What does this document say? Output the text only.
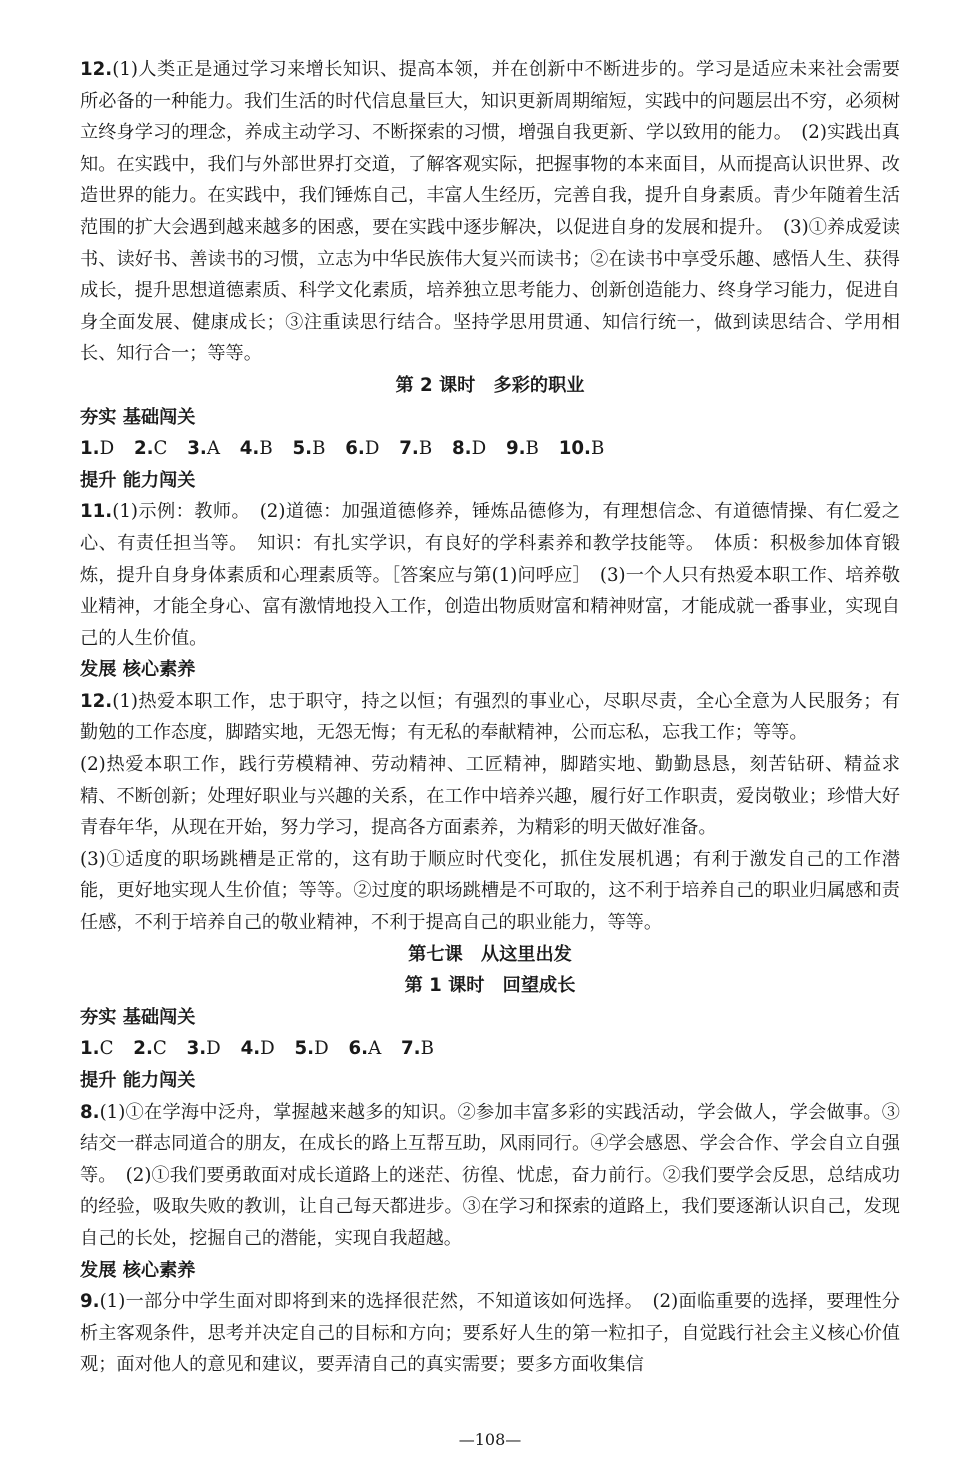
12.(1)人类正是通过学习来增长知识、提高本领，并在创新中不断进步的。学习是适应未来社会需要所必备的一种能力。我们生活的时代信息量巨大，知识更新周期缩短，实践中的问题层出不穷，必须树立终身学习的理念，养成主动学习、不断探索的习惯，增强自我更新、学以致用的能力。　(2)实践出真知。在实践中，我们与外部世界打交道，了解客观实际，把握事物的本来面目，从而提高认识世界、改造世界的能力。在实践中，我们锤炼自己，丰富人生经历，完善自我，提升自身素质。青少年随着生活范围的扩大会遇到越来越多的困惑，要在实践中逐步解决，以促进自身的发展和提升。　(3)①养成爱读书、读好书、善读书的习惯，立志为中华民族伟大复兴而读书；②在读书中享受乐趣、感悟人生、获得成长，提升思想道德素质、科学文化素质，培养独立思考能力、创新创造能力、终身学习能力，促进自身全面发展、健康成长；③注重读思行结合。坚持学思用贯通、知信行统一，做到读思结合、学用相长、知行合一；等等。

第 2 课时　多彩的职业

夯实 基础闯关

1.D 2.C 3.A 4.B 5.B 6.D 7.B 8.D 9.B 10.B

提升 能力闯关

11.(1)示例：教师。　(2)道德：加强道德修养，锤炼品德修为，有理想信念、有道德情操、有仁爱之心、有责任担当等。　知识：有扎实学识，有良好的学科素养和教学技能等。　体质：积极参加体育锻炼，提升自身身体素质和心理素质等。［答案应与第(1)问呼应］　(3)一个人只有热爱本职工作、培养敬业精神，才能全身心、富有激情地投入工作，创造出物质财富和精神财富，才能成就一番事业，实现自己的人生价值。

发展 核心素养

12.(1)热爱本职工作，忠于职守，持之以恒；有强烈的事业心，尽职尽责，全心全意为人民服务；有勤勉的工作态度，脚踏实地，无怨无悔；有无私的奉献精神，公而忘私，忘我工作；等等。

(2)热爱本职工作，践行劳模精神、劳动精神、工匠精神，脚踏实地、勤勤恳恳，刻苦钻研、精益求精、不断创新；处理好职业与兴趣的关系，在工作中培养兴趣，履行好工作职责，爱岗敬业；珍惜大好青春年华，从现在开始，努力学习，提高各方面素养，为精彩的明天做好准备。

(3)①适度的职场跳槽是正常的，这有助于顺应时代变化，抓住发展机遇；有利于激发自己的工作潜能，更好地实现人生价值；等等。②过度的职场跳槽是不可取的，这不利于培养自己的职业归属感和责任感，不利于培养自己的敬业精神，不利于提高自己的职业能力，等等。

第七课　从这里出发

第 1 课时　回望成长

夯实 基础闯关

1.C 2.C 3.D 4.D 5.D 6.A 7.B

提升 能力闯关

8.(1)①在学海中泛舟，掌握越来越多的知识。②参加丰富多彩的实践活动，学会做人，学会做事。③结交一群志同道合的朋友，在成长的路上互帮互助，风雨同行。④学会感恩、学会合作、学会自立自强等。　(2)①我们要勇敢面对成长道路上的迷茫、彷徨、忧虑，奋力前行。②我们要学会反思，总结成功的经验，吸取失败的教训，让自己每天都进步。③在学习和探索的道路上，我们要逐渐认识自己，发现自己的长处，挖掘自己的潜能，实现自我超越。

发展 核心素养

9.(1)一部分中学生面对即将到来的选择很茫然，不知道该如何选择。　(2)面临重要的选择，要理性分析主客观条件，思考并决定自己的目标和方向；要系好人生的第一粒扣子，自觉践行社会主义核心价值观；面对他人的意见和建议，要弄清自己的真实需要；要多方面收集信

—108—
